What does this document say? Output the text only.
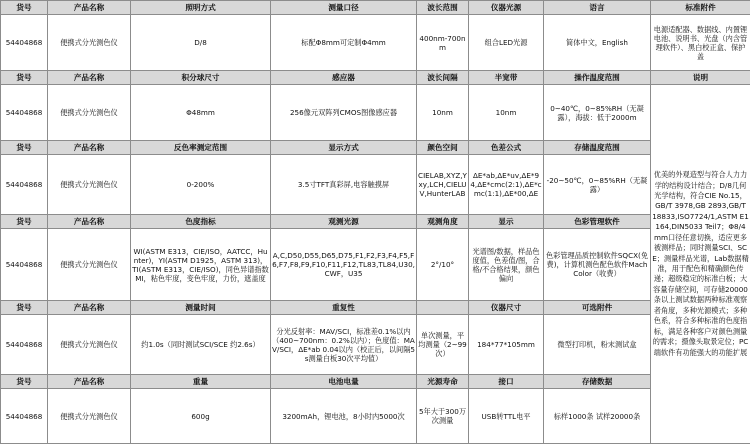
货号	产品名称	照明方式	测量口径	波长范围	仪器光源	语言	标准附件
54404868	便携式分光测色仪	D/8	标配Φ8mm可定制Φ4mm	400nm-700nm	组合LED光源	简体中文，English	电源适配器、数据线、内置锂电池、说明书、光盘（内含管理软件）、黑白校正盒、保护盖
货号	产品名称	积分球尺寸	感应器	波长间隔	半宽带	操作温度范围	说明
54404868	便携式分光测色仪	Φ48mm	256像元双阵列CMOS图像感应器	10nm	10nm	0~40℃，0~85%RH（无凝露），海拔：低于2000m	优美的外观造型与符合人力力学的结构设计结合；D/8几何光学结构，符合CIE No.15，GB/T 3978,GB 2893,GB/T 18833,ISO7724/1,ASTM E1164,DIN5033 Teil7；Φ8/4mm口径任意切换，适应更多被测样品；同时测量SCI、SCE；测量样品光谱，Lab数据精准，用于配色和精确颜色传递；超级稳定的标准白板；大容量存储空间，可存储20000条以上测试数据两种标准观察者角度，多种光源模式；多种色系，符合多种标准的色度指标，满足各种客户对颜色测量的需求；摄像头取景定位；PC端软件有功能强大的功能扩展
货号	产品名称	反色率测定范围	显示方式	颜色空间	色差公式	存储温度范围	
54404868	便携式分光测色仪	0-200%	3.5寸TFT真彩屏,电容触摸屏	CIELAB,XYZ,Yxy,LCH,CIELUV,HunterLAB	ΔE*ab,ΔE*uv,ΔE*94,ΔE*cmc(2:1),ΔE*cmc(1:1),ΔE*00,ΔE	-20~50℃，0~85%RH（无凝露）	
货号	产品名称	色度指标	观测光源	观测角度	显示	色彩管理软件	
54404868	便携式分光测色仪	WI(ASTM E313，CIE/ISO，AATCC，Hunter)，YI(ASTM D1925，ASTM 313)，TI(ASTM E313，CIE/ISO)，同色异谱指数MI，粘色牢度，变色牢度，力份，遮盖度	A,C,D50,D55,D65,D75,F1,F2,F3,F4,F5,F6,F7,F8,F9,F10,F11,F12,TL83,TL84,U30,CWF，U35	2°/10°	光谱图/数据，样品色度值，色差值/图，合格/不合格结果，颜色偏向	色彩管理品质控制软件SQCX(免费)，计算机测色配色软件MachColor（收费）	
货号	产品名称	测量时间	重复性		仪器尺寸	可选附件	
54404868	便携式分光测色仪	约1.0s（同时测试SCI/SCE 约2.6s）	分光反射率：MAV/SCI，标准差0.1%以内（400~700nm：0.2%以内）；色度值：MAV/SCI，ΔE*ab 0.04以内（校正后，以间隔5s测量白板30次平均值）	单次测量，平均测量（2~99次）	184*77*105mm	微型打印机，粉末测试盒	
货号	产品名称	重量	电池电量	光源寿命	接口	存储数据	
54404868	便携式分光测色仪	600g	3200mAh，锂电池，8小时内5000次	5年大于300万次测量	USB转TTL电平	标样1000条 试样20000条	
